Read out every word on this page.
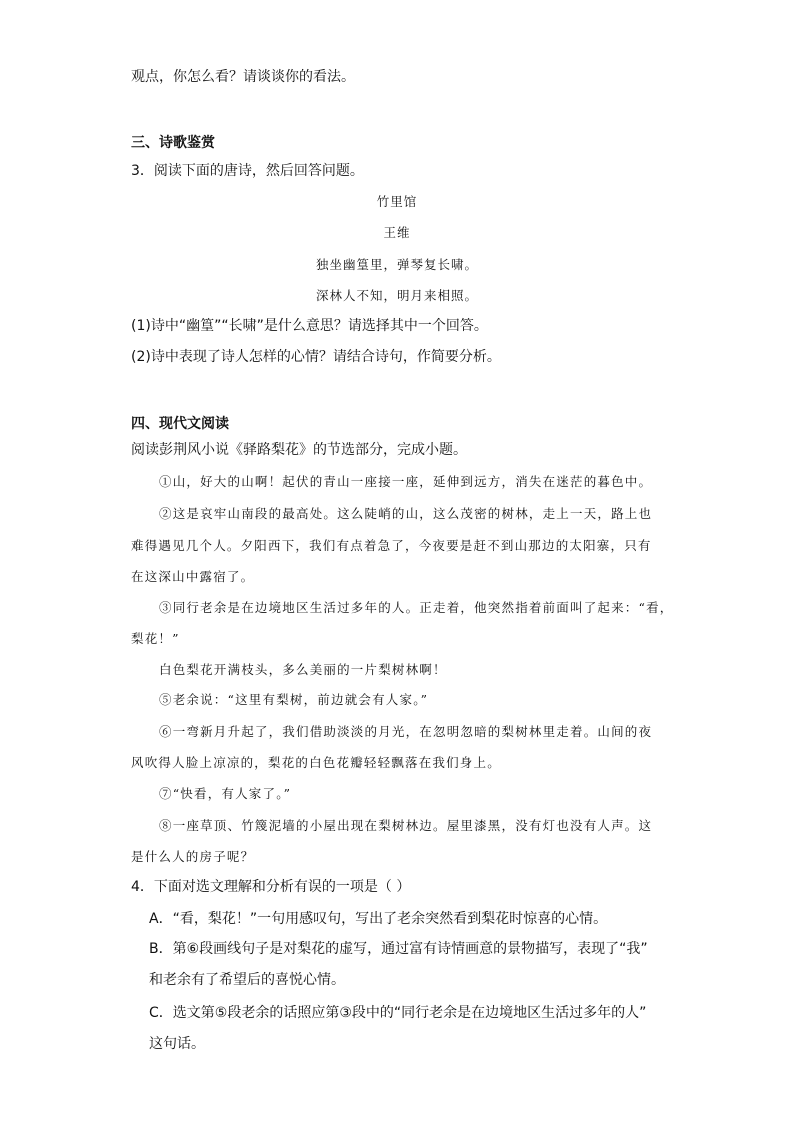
观点，你怎么看？请谈谈你的看法。
三、诗歌鉴赏
3．阅读下面的唐诗，然后回答问题。
竹里馆
王维
独坐幽篁里，弹琴复长啸。
深林人不知，明月来相照。
(1)诗中“幽篁”“长啸”是什么意思？请选择其中一个回答。
(2)诗中表现了诗人怎样的心情？请结合诗句，作简要分析。
四、现代文阅读
阅读彭荆风小说《驿路梨花》的节选部分，完成小题。
①山，好大的山啊！起伏的青山一座接一座，延伸到远方，消失在迷茫的暮色中。
②这是哀牢山南段的最高处。这么陡峭的山，这么茂密的树林，走上一天，路上也
难得遇见几个人。夕阳西下，我们有点着急了，今夜要是赶不到山那边的太阳寨，只有
在这深山中露宿了。
③同行老余是在边境地区生活过多年的人。正走着，他突然指着前面叫了起来：“看，
梨花！”
白色梨花开满枝头，多么美丽的一片梨树林啊！
⑤老余说：“这里有梨树，前边就会有人家。”
⑥一弯新月升起了，我们借助淡淡的月光，在忽明忽暗的梨树林里走着。山间的夜
风吹得人脸上凉凉的，梨花的白色花瓣轻轻飘落在我们身上。
⑦“快看，有人家了。”
⑧一座草顶、竹篾泥墙的小屋出现在梨树林边。屋里漆黑，没有灯也没有人声。这
是什么人的房子呢？
4．下面对选文理解和分析有误的一项是（ ）
A．“看，梨花！”一句用感叹句，写出了老余突然看到梨花时惊喜的心情。
B．第⑥段画线句子是对梨花的虚写，通过富有诗情画意的景物描写，表现了“我”
和老余有了希望后的喜悦心情。
C．选文第⑤段老余的话照应第③段中的“同行老余是在边境地区生活过多年的人”
这句话。
